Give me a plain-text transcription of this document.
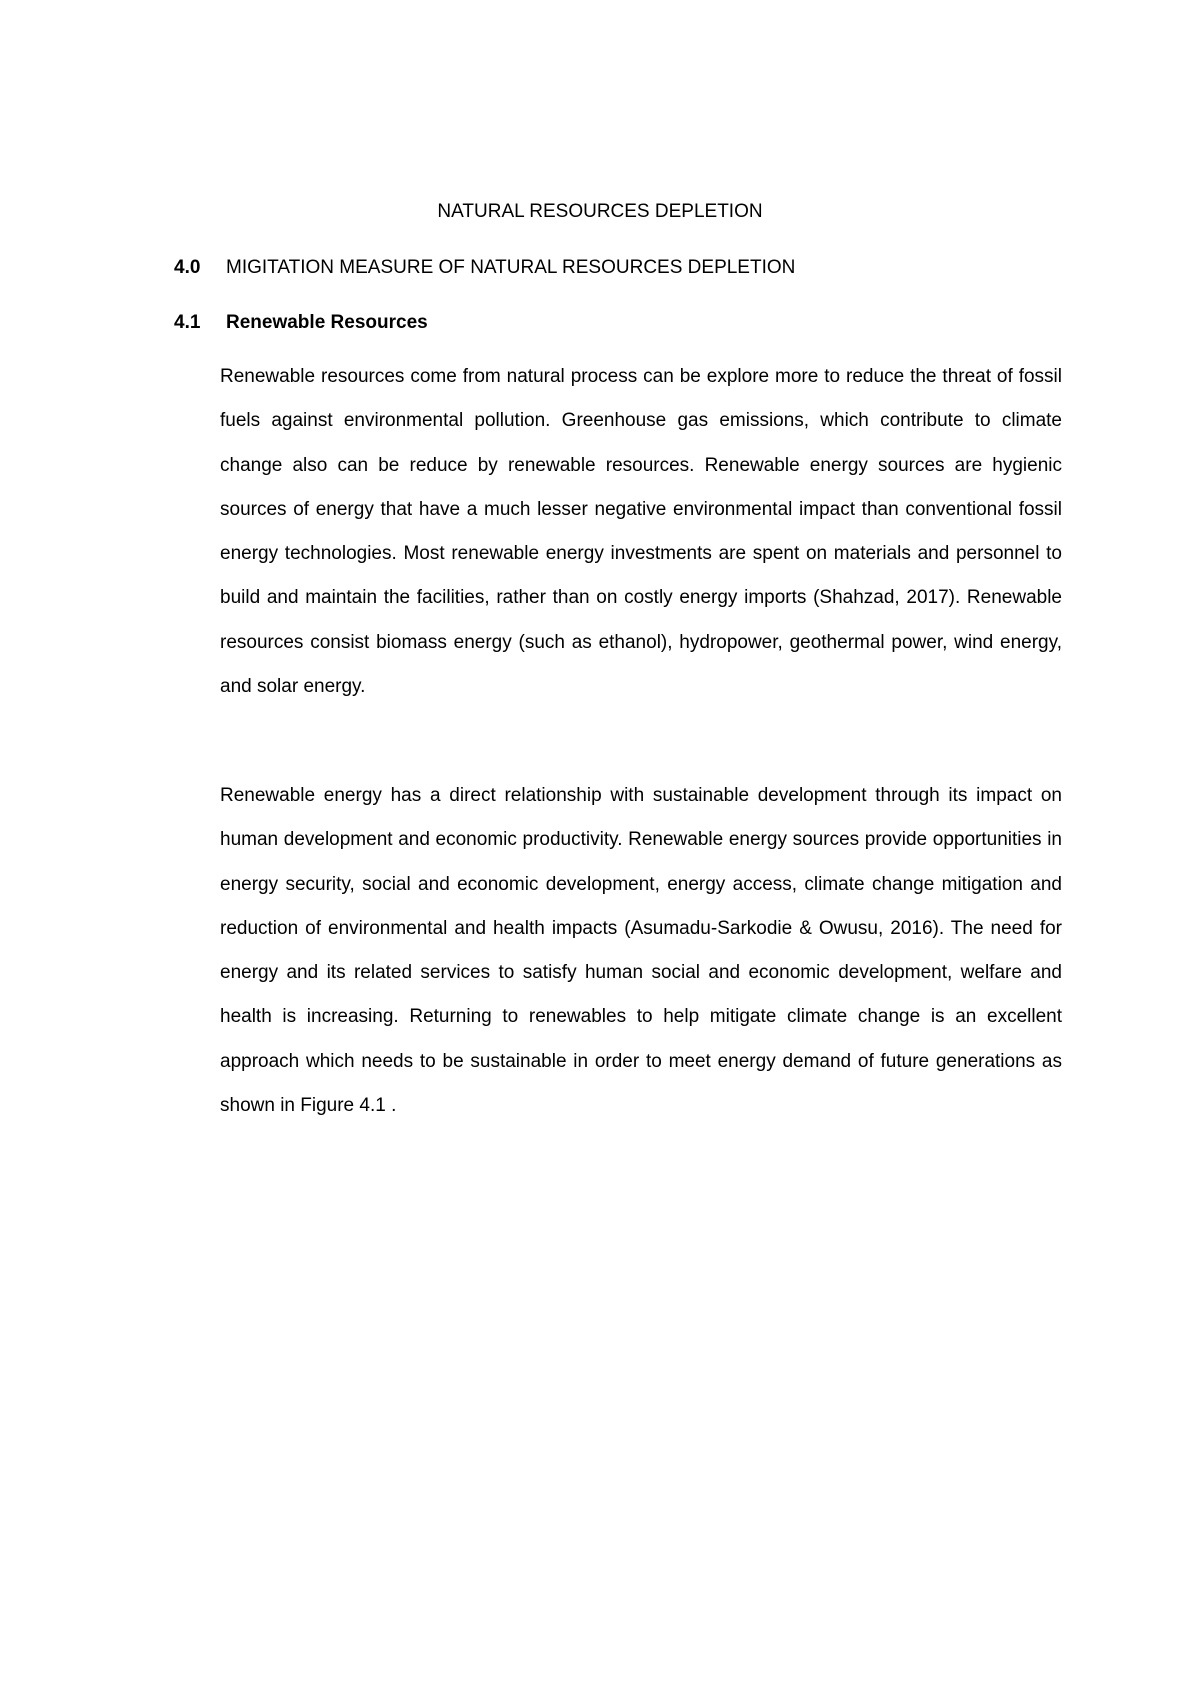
NATURAL RESOURCES DEPLETION
4.0 MIGITATION MEASURE OF NATURAL RESOURCES DEPLETION
4.1 Renewable Resources

Renewable resources come from natural process can be explore more to reduce the threat of fossil fuels against environmental pollution. Greenhouse gas emissions, which contribute to climate change also can be reduce by renewable resources. Renewable energy sources are hygienic sources of energy that have a much lesser negative environmental impact than conventional fossil energy technologies. Most renewable energy investments are spent on materials and personnel to build and maintain the facilities, rather than on costly energy imports (Shahzad, 2017). Renewable resources consist biomass energy (such as ethanol), hydropower, geothermal power, wind energy, and solar energy.

Renewable energy has a direct relationship with sustainable development through its impact on human development and economic productivity. Renewable energy sources provide opportunities in energy security, social and economic development, energy access, climate change mitigation and reduction of environmental and health impacts (Asumadu-Sarkodie & Owusu, 2016). The need for energy and its related services to satisfy human social and economic development, welfare and health is increasing. Returning to renewables to help mitigate climate change is an excellent approach which needs to be sustainable in order to meet energy demand of future generations as shown in Figure 4.1 .
